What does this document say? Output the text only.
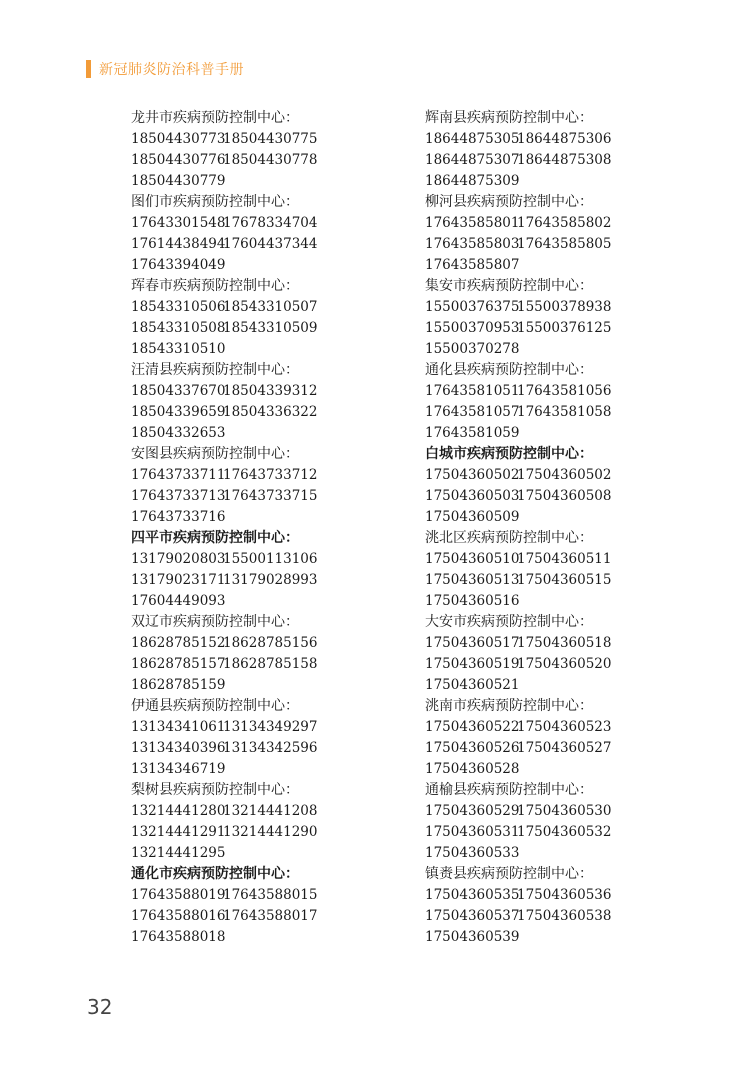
新冠肺炎防治科普手册
龙井市疾病预防控制中心：
1850443077318504430775
1850443077618504430778
18504430779
图们市疾病预防控制中心：
1764330154817678334704
1761443849417604437344
17643394049
珲春市疾病预防控制中心：
1854331050618543310507
1854331050818543310509
18543310510
汪清县疾病预防控制中心：
1850433767018504339312
1850433965918504336322
18504332653
安图县疾病预防控制中心：
1764373371117643733712
1764373371317643733715
17643733716
四平市疾病预防控制中心：
1317902080315500113106
1317902317113179028993
17604449093
双辽市疾病预防控制中心：
1862878515218628785156
1862878515718628785158
18628785159
伊通县疾病预防控制中心：
1313434106113134349297
1313434039613134342596
13134346719
梨树县疾病预防控制中心：
1321444128013214441208
1321444129113214441290
13214441295
通化市疾病预防控制中心：
1764358801917643588015
1764358801617643588017
17643588018
辉南县疾病预防控制中心：
1864487530518644875306
1864487530718644875308
18644875309
柳河县疾病预防控制中心：
1764358580117643585802
1764358580317643585805
17643585807
集安市疾病预防控制中心：
1550037637515500378938
1550037095315500376125
15500370278
通化县疾病预防控制中心：
1764358105117643581056
1764358105717643581058
17643581059
白城市疾病预防控制中心：
1750436050217504360502
1750436050317504360508
17504360509
洮北区疾病预防控制中心：
1750436051017504360511
1750436051317504360515
17504360516
大安市疾病预防控制中心：
1750436051717504360518
1750436051917504360520
17504360521
洮南市疾病预防控制中心：
1750436052217504360523
1750436052617504360527
17504360528
通榆县疾病预防控制中心：
1750436052917504360530
1750436053117504360532
17504360533
镇赉县疾病预防控制中心：
1750436053517504360536
1750436053717504360538
17504360539
32
